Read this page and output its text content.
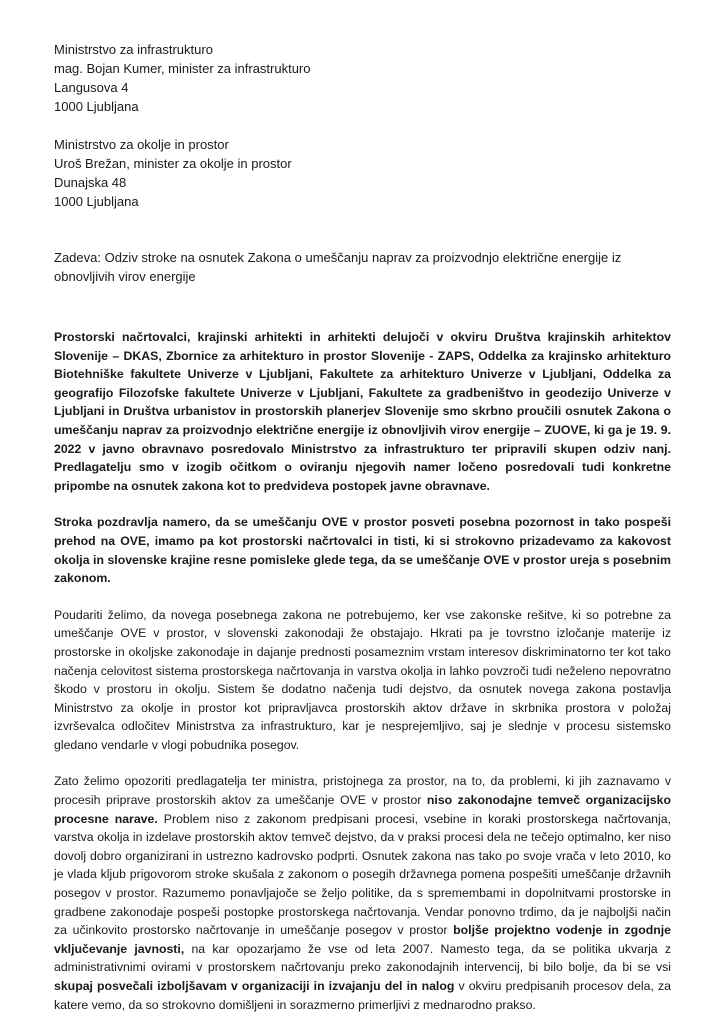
Ministrstvo za infrastrukturo
mag. Bojan Kumer, minister za infrastrukturo
Langusova 4
1000 Ljubljana
Ministrstvo za okolje in prostor
Uroš Brežan, minister za okolje in prostor
Dunajska 48
1000 Ljubljana
Zadeva: Odziv stroke na osnutek Zakona o umeščanju naprav za proizvodnjo električne energije iz obnovljivih virov energije
Prostorski načrtovalci, krajinski arhitekti in arhitekti delujoči v okviru Društva krajinskih arhitektov Slovenije – DKAS, Zbornice za arhitekturo in prostor Slovenije - ZAPS, Oddelka za krajinsko arhitekturo Biotehniške fakultete Univerze v Ljubljani, Fakultete za arhitekturo Univerze v Ljubljani, Oddelka za geografijo Filozofske fakultete Univerze v Ljubljani, Fakultete za gradbeništvo in geodezijo Univerze v Ljubljani in Društva urbanistov in prostorskih planerjev Slovenije smo skrbno proučili osnutek Zakona o umeščanju naprav za proizvodnjo električne energije iz obnovljivih virov energije – ZUOVE, ki ga je 19. 9. 2022 v javno obravnavo posredovalo Ministrstvo za infrastrukturo ter pripravili skupen odziv nanj. Predlagatelju smo v izogib očitkom o oviranju njegovih namer ločeno posredovali tudi konkretne pripombe na osnutek zakona kot to predvideva postopek javne obravnave.
Stroka pozdravlja namero, da se umeščanju OVE v prostor posveti posebna pozornost in tako pospeši prehod na OVE, imamo pa kot prostorski načrtovalci in tisti, ki si strokovno prizadevamo za kakovost okolja in slovenske krajine resne pomisleke glede tega, da se umeščanje OVE v prostor ureja s posebnim zakonom.
Poudariti želimo, da novega posebnega zakona ne potrebujemo, ker vse zakonske rešitve, ki so potrebne za umeščanje OVE v prostor, v slovenski zakonodaji že obstajajo. Hkrati pa je tovrstno izločanje materije iz prostorske in okoljske zakonodaje in dajanje prednosti posameznim vrstam interesov diskriminatorno ter kot tako načenja celovitost sistema prostorskega načrtovanja in varstva okolja in lahko povzroči tudi neželeno nepovratno škodo v prostoru in okolju. Sistem še dodatno načenja tudi dejstvo, da osnutek novega zakona postavlja Ministrstvo za okolje in prostor kot pripravljavca prostorskih aktov države in skrbnika prostora v položaj izvrševalca odločitev Ministrstva za infrastrukturo, kar je nesprejemljivo, saj je slednje v procesu sistemsko gledano vendarle v vlogi pobudnika posegov.
Zato želimo opozoriti predlagatelja ter ministra, pristojnega za prostor, na to, da problemi, ki jih zaznavamo v procesih priprave prostorskih aktov za umeščanje OVE v prostor niso zakonodajne temveč organizacijsko procesne narave. Problem niso z zakonom predpisani procesi, vsebine in koraki prostorskega načrtovanja, varstva okolja in izdelave prostorskih aktov temveč dejstvo, da v praksi procesi dela ne tečejo optimalno, ker niso dovolj dobro organizirani in ustrezno kadrovsko podprti. Osnutek zakona nas tako po svoje vrača v leto 2010, ko je vlada kljub prigovorom stroke skušala z zakonom o posegih državnega pomena pospešiti umeščanje državnih posegov v prostor. Razumemo ponavljajoče se željo politike, da s spremembami in dopolnitvami prostorske in gradbene zakonodaje pospeši postopke prostorskega načrtovanja. Vendar ponovno trdimo, da je najboljši način za učinkovito prostorsko načrtovanje in umeščanje posegov v prostor boljše projektno vodenje in zgodnje vključevanje javnosti, na kar opozarjamo že vse od leta 2007. Namesto tega, da se politika ukvarja z administrativnimi ovirami v prostorskem načrtovanju preko zakonodajnih intervencij, bi bilo bolje, da bi se vsi skupaj posvečali izboljšavam v organizaciji in izvajanju del in nalog v okviru predpisanih procesov dela, za katere vemo, da so strokovno domišljeni in sorazmerno primerljivi z mednarodno prakso.
